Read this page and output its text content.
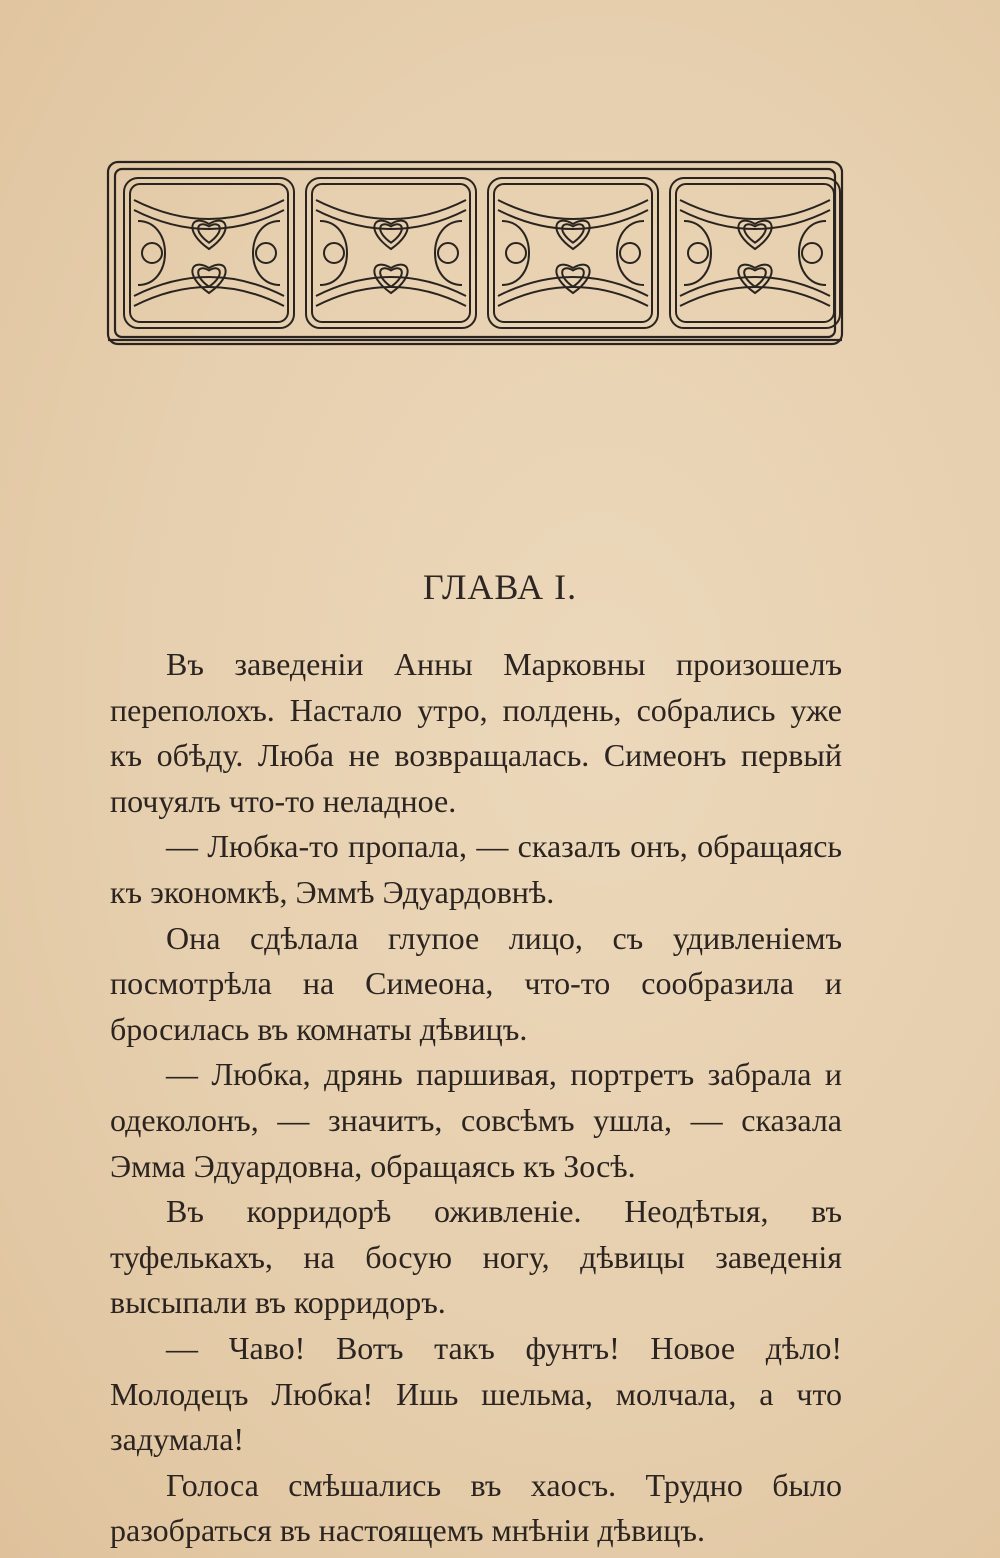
ГЛАВА I.

Въ заведенiи Анны Марковны произошелъ переполохъ. Настало утро, полдень, собрались уже къ обѣду. Люба не возвращалась. Симеонъ первый почуялъ что-то неладное.

— Любка-то пропала, — сказалъ онъ, обращаясь къ экономкѣ, Эммѣ Эдуардовнѣ.

Она сдѣлала глупое лицо, съ удивленiемъ посмотрѣла на Симеона, что-то сообразила и бросилась въ комнаты дѣвицъ.

— Любка, дрянь паршивая, портретъ забрала и одеколонъ, — значитъ, совсѣмъ ушла, — сказала Эмма Эдуардовна, обращаясь къ Зосѣ.

Въ корридорѣ оживленiе. Неодѣтыя, въ туфелькахъ, на босую ногу, дѣвицы заведенiя высыпали въ корридоръ.

— Чаво! Вотъ такъ фунтъ! Новое дѣло! Молодецъ Любка! Ишь шельма, молчала, а что задумала!

Голоса смѣшались въ хаосъ. Трудно было разобраться въ настоящемъ мнѣнiи дѣвицъ.
